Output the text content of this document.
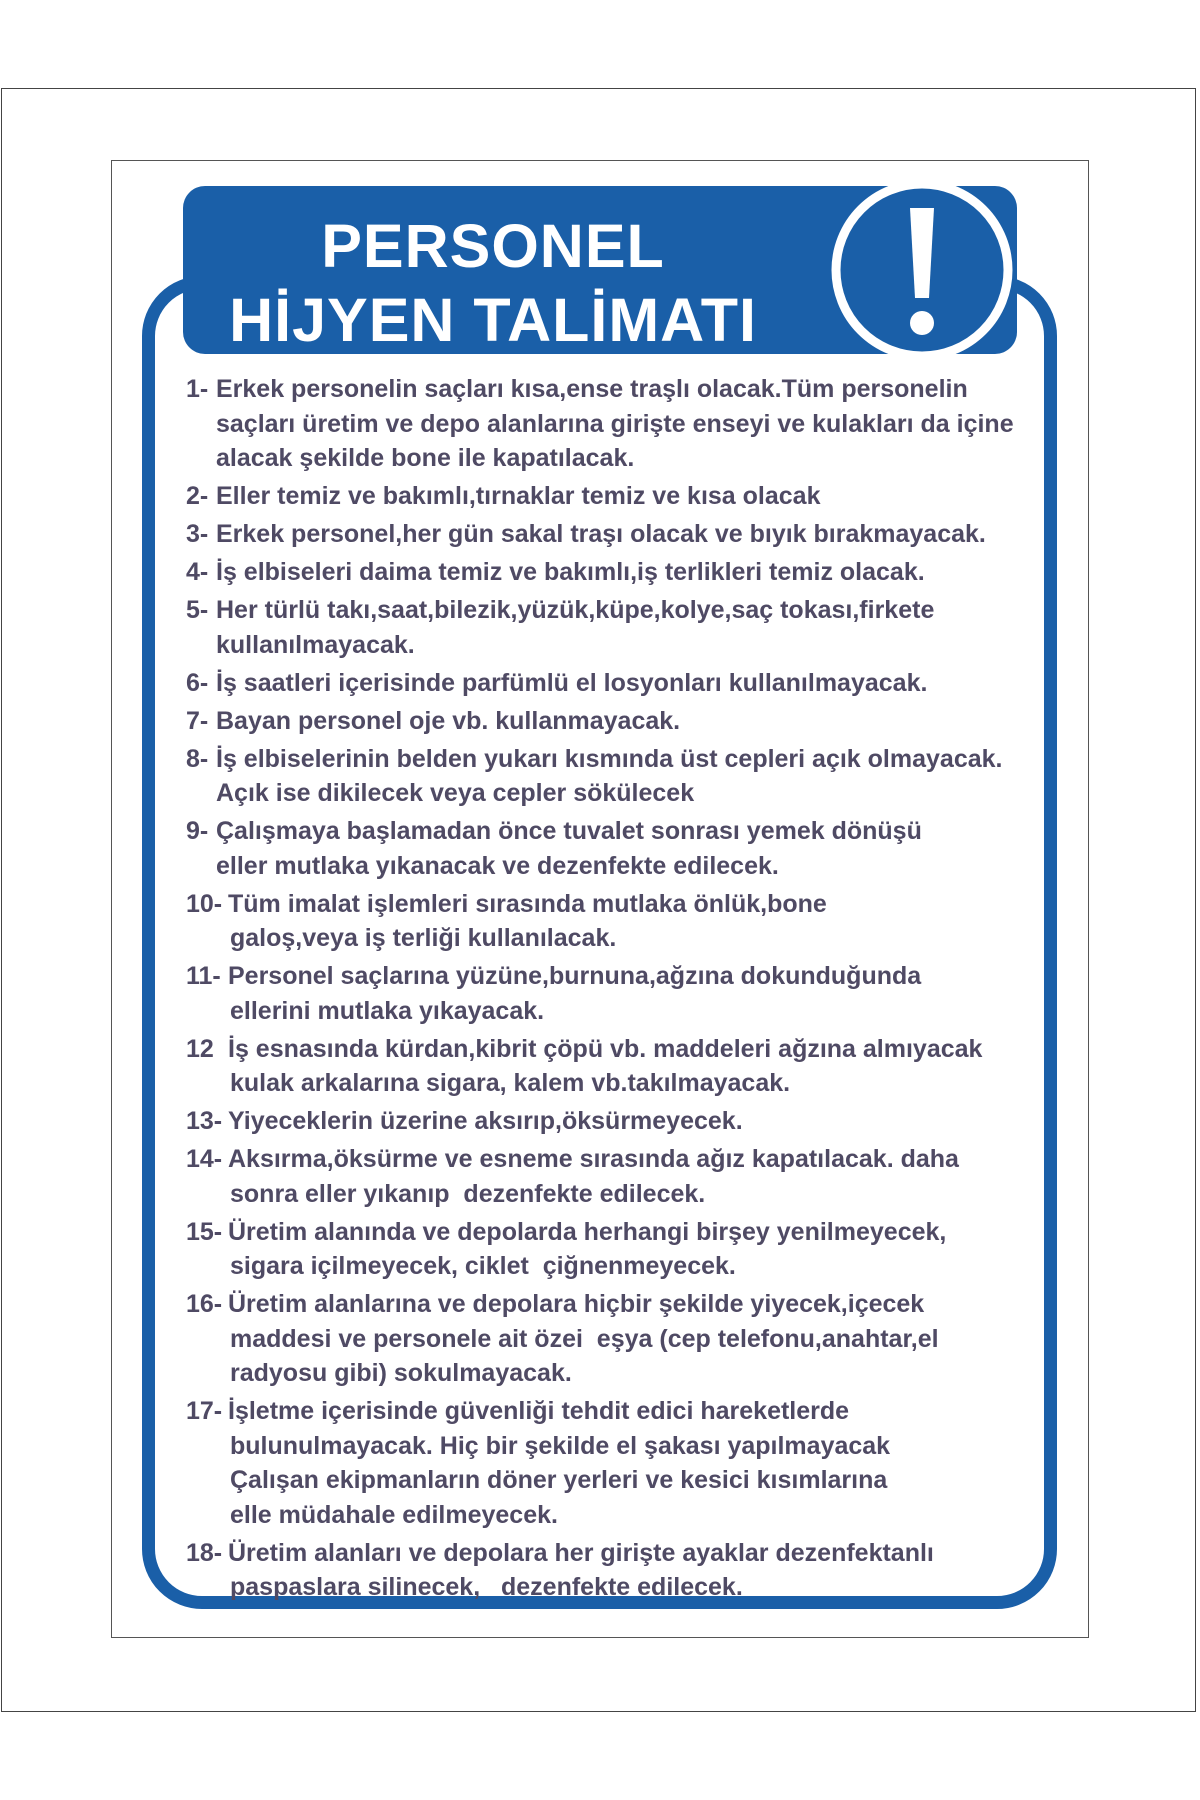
PERSONEL
HİJYEN TALİMATI
1- Erkek personelin saçları kısa,ense traşlı olacak.Tüm personelin
saçları üretim ve depo alanlarına girişte enseyi ve kulakları da içine
alacak şekilde bone ile kapatılacak.
2- Eller temiz ve bakımlı,tırnaklar temiz ve kısa olacak
3- Erkek personel,her gün sakal traşı olacak ve bıyık bırakmayacak.
4- İş elbiseleri daima temiz ve bakımlı,iş terlikleri temiz olacak.
5- Her türlü takı,saat,bilezik,yüzük,küpe,kolye,saç tokası,firkete
kullanılmayacak.
6- İş saatleri içerisinde parfümlü el losyonları kullanılmayacak.
7- Bayan personel oje vb. kullanmayacak.
8- İş elbiselerinin belden yukarı kısmında üst cepleri açık olmayacak.
Açık ise dikilecek veya cepler sökülecek
9- Çalışmaya başlamadan önce tuvalet sonrası yemek dönüşü
eller mutlaka yıkanacak ve dezenfekte edilecek.
10- Tüm imalat işlemleri sırasında mutlaka önlük,bone
galoş,veya iş terliği kullanılacak.
11- Personel saçlarına yüzüne,burnuna,ağzına dokunduğunda
ellerini mutlaka yıkayacak.
12 İş esnasında kürdan,kibrit çöpü vb. maddeleri ağzına almıyacak
kulak arkalarına sigara, kalem vb.takılmayacak.
13- Yiyeceklerin üzerine aksırıp,öksürmeyecek.
14- Aksırma,öksürme ve esneme sırasında ağız kapatılacak. daha
sonra eller yıkanıp  dezenfekte edilecek.
15- Üretim alanında ve depolarda herhangi birşey yenilmeyecek,
sigara içilmeyecek, ciklet  çiğnenmeyecek.
16- Üretim alanlarına ve depolara hiçbir şekilde yiyecek,içecek
maddesi ve personele ait özei  eşya (cep telefonu,anahtar,el
radyosu gibi) sokulmayacak.
17- İşletme içerisinde güvenliği tehdit edici hareketlerde
bulunulmayacak. Hiç bir şekilde el şakası yapılmayacak
Çalışan ekipmanların döner yerleri ve kesici kısımlarına
elle müdahale edilmeyecek.
18- Üretim alanları ve depolara her girişte ayaklar dezenfektanlı
paspaslara silinecek,   dezenfekte edilecek.
